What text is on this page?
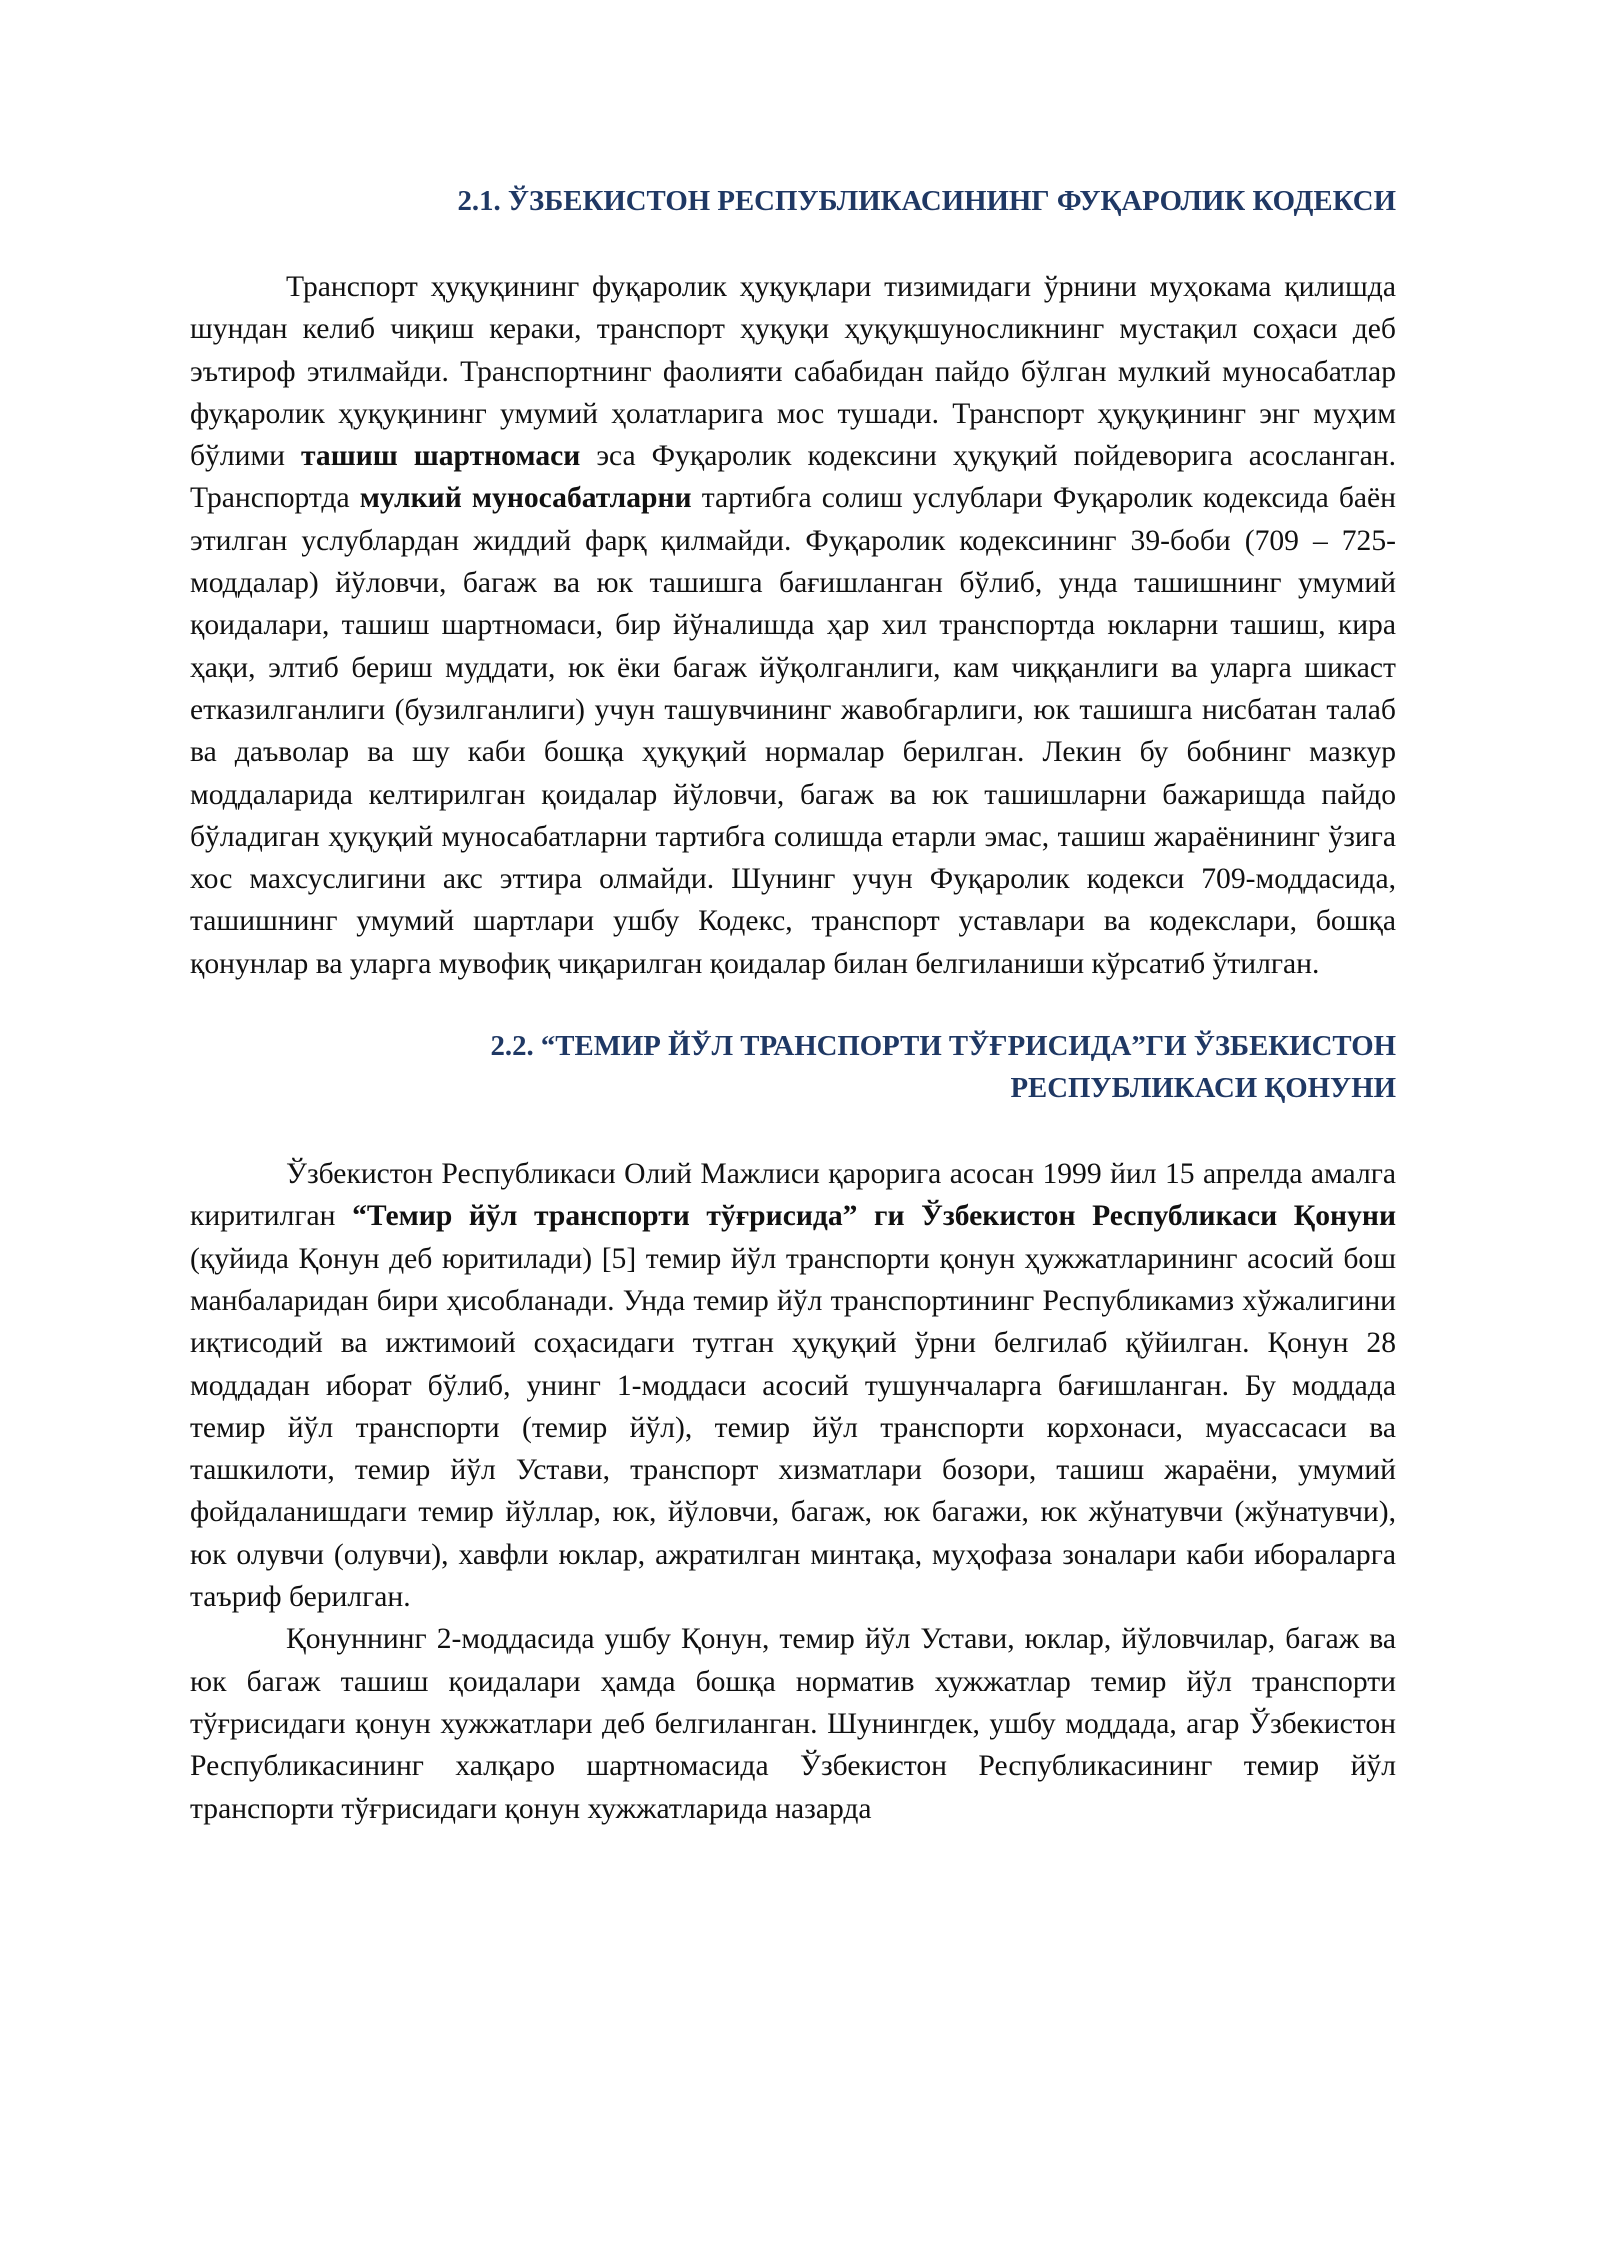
2.1. ЎЗБЕКИСТОН РЕСПУБЛИКАСИНИНГ ФУҚАРОЛИК КОДЕКСИ

Транспорт ҳуқуқининг фуқаролик ҳуқуқлари тизимидаги ўрнини муҳокама қилишда шундан келиб чиқиш кераки, транспорт ҳуқуқи ҳуқуқшуносликнинг мустақил соҳаси деб эътироф этилмайди. Транспортнинг фаолияти сабабидан пайдо бўлган мулкий муносабатлар фуқаролик ҳуқуқининг умумий ҳолатларига мос тушади. Транспорт ҳуқуқининг энг муҳим бўлими ташиш шартномаси эса Фуқаролик кодексини ҳуқуқий пойдеворига асосланган. Транспортда мулкий муносабатларни тартибга солиш услублари Фуқаролик кодексида баён этилган услублардан жиддий фарқ қилмайди. Фуқаролик кодексининг 39-боби (709 – 725-моддалар) йўловчи, багаж ва юк ташишга бағишланган бўлиб, унда ташишнинг умумий қоидалари, ташиш шартномаси, бир йўналишда ҳар хил транспортда юкларни ташиш, кира ҳақи, элтиб бериш муддати, юк ёки багаж йўқолганлиги, кам чиққанлиги ва уларга шикаст етказилганлиги (бузилганлиги) учун ташувчининг жавобгарлиги, юк ташишга нисбатан талаб ва даъволар ва шу каби бошқа ҳуқуқий нормалар берилган. Лекин бу бобнинг мазкур моддаларида келтирилган қоидалар йўловчи, багаж ва юк ташишларни бажаришда пайдо бўладиган ҳуқуқий муносабатларни тартибга солишда етарли эмас, ташиш жараёнининг ўзига хос махсуслигини акс эттира олмайди. Шунинг учун Фуқаролик кодекси 709-моддасида, ташишнинг умумий шартлари ушбу Кодекс, транспорт уставлари ва кодекслари, бошқа қонунлар ва уларга мувофиқ чиқарилган қоидалар билан белгиланиши кўрсатиб ўтилган.

2.2. “ТЕМИР ЙЎЛ ТРАНСПОРТИ ТЎҒРИСИДА”ГИ ЎЗБЕКИСТОН
РЕСПУБЛИКАСИ ҚОНУНИ

Ўзбекистон Республикаси Олий Мажлиси қарорига асосан 1999 йил 15 апрелда амалга киритилган “Темир йўл транспорти тўғрисида” ги Ўзбекистон Республикаси Қонуни (қуйида Қонун деб юритилади) [5] темир йўл транспорти қонун ҳужжатларининг асосий бош манбаларидан бири ҳисобланади. Унда темир йўл транспортининг Республикамиз хўжалигини иқтисодий ва ижтимоий соҳасидаги тутган ҳуқуқий ўрни белгилаб қўйилган. Қонун 28 моддадан иборат бўлиб, унинг 1-моддаси асосий тушунчаларга бағишланган. Бу моддада темир йўл транспорти (темир йўл), темир йўл транспорти корхонаси, муассасаси ва ташкилоти, темир йўл Устави, транспорт хизматлари бозори, ташиш жараёни, умумий фойдаланишдаги темир йўллар, юк, йўловчи, багаж, юк багажи, юк жўнатувчи (жўнатувчи), юк олувчи (олувчи), хавфли юклар, ажратилган минтақа, муҳофаза зоналари каби ибораларга таъриф берилган.

Қонуннинг 2-моддасида ушбу Қонун, темир йўл Устави, юклар, йўловчилар, багаж ва юк багаж ташиш қоидалари ҳамда бошқа норматив хужжатлар темир йўл транспорти тўғрисидаги қонун хужжатлари деб белгиланган. Шунингдек, ушбу моддада, агар Ўзбекистон Республикасининг халқаро шартномасида Ўзбекистон Республикасининг темир йўл транспорти тўғрисидаги қонун хужжатларида назарда
